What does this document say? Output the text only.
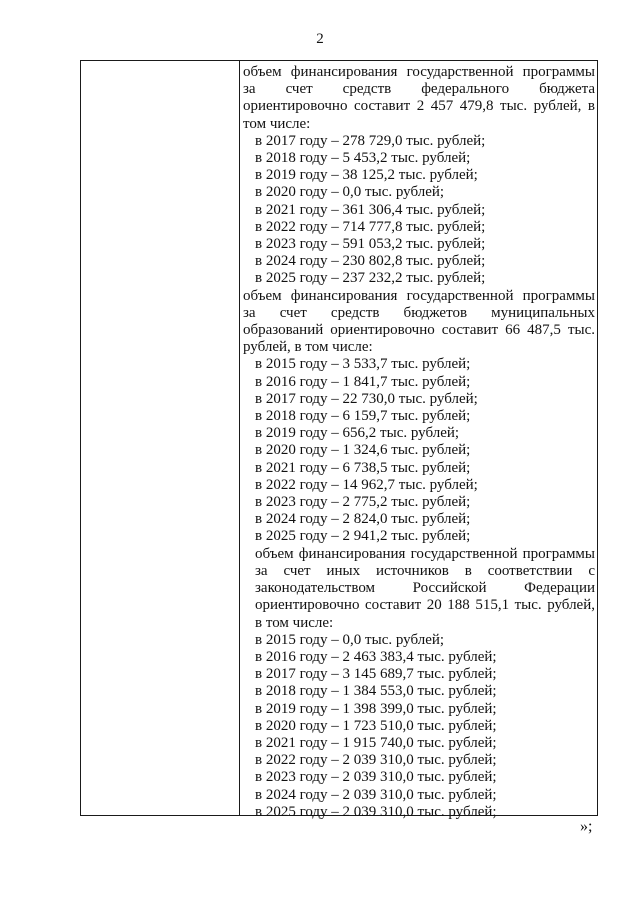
2
объем финансирования государственной программы за счет средств федерального бюджета ориентировочно составит 2 457 479,8 тыс. рублей, в том числе:
в 2017 году – 278 729,0 тыс. рублей;
в 2018 году – 5 453,2 тыс. рублей;
в 2019 году – 38 125,2 тыс. рублей;
в 2020 году – 0,0 тыс. рублей;
в 2021 году – 361 306,4 тыс. рублей;
в 2022 году – 714 777,8 тыс. рублей;
в 2023 году – 591 053,2 тыс. рублей;
в 2024 году – 230 802,8 тыс. рублей;
в 2025 году – 237 232,2 тыс. рублей;
объем финансирования государственной программы за счет средств бюджетов муниципальных образований ориентировочно составит 66 487,5 тыс. рублей, в том числе:
в 2015 году – 3 533,7 тыс. рублей;
в 2016 году – 1 841,7 тыс. рублей;
в 2017 году – 22 730,0 тыс. рублей;
в 2018 году – 6 159,7 тыс. рублей;
в 2019 году – 656,2 тыс. рублей;
в 2020 году – 1 324,6 тыс. рублей;
в 2021 году – 6 738,5 тыс. рублей;
в 2022 году – 14 962,7 тыс. рублей;
в 2023 году – 2 775,2 тыс. рублей;
в 2024 году – 2 824,0 тыс. рублей;
в 2025 году – 2 941,2 тыс. рублей;
объем финансирования государственной программы за счет иных источников в соответствии с законодательством Российской Федерации ориентировочно составит 20 188 515,1 тыс. рублей, в том числе:
в 2015 году – 0,0 тыс. рублей;
в 2016 году – 2 463 383,4 тыс. рублей;
в 2017 году – 3 145 689,7 тыс. рублей;
в 2018 году – 1 384 553,0 тыс. рублей;
в 2019 году – 1 398 399,0 тыс. рублей;
в 2020 году – 1 723 510,0 тыс. рублей;
в 2021 году – 1 915 740,0 тыс. рублей;
в 2022 году – 2 039 310,0 тыс. рублей;
в 2023 году – 2 039 310,0 тыс. рублей;
в 2024 году – 2 039 310,0 тыс. рублей;
в 2025 году – 2 039 310,0 тыс. рублей;
»;
